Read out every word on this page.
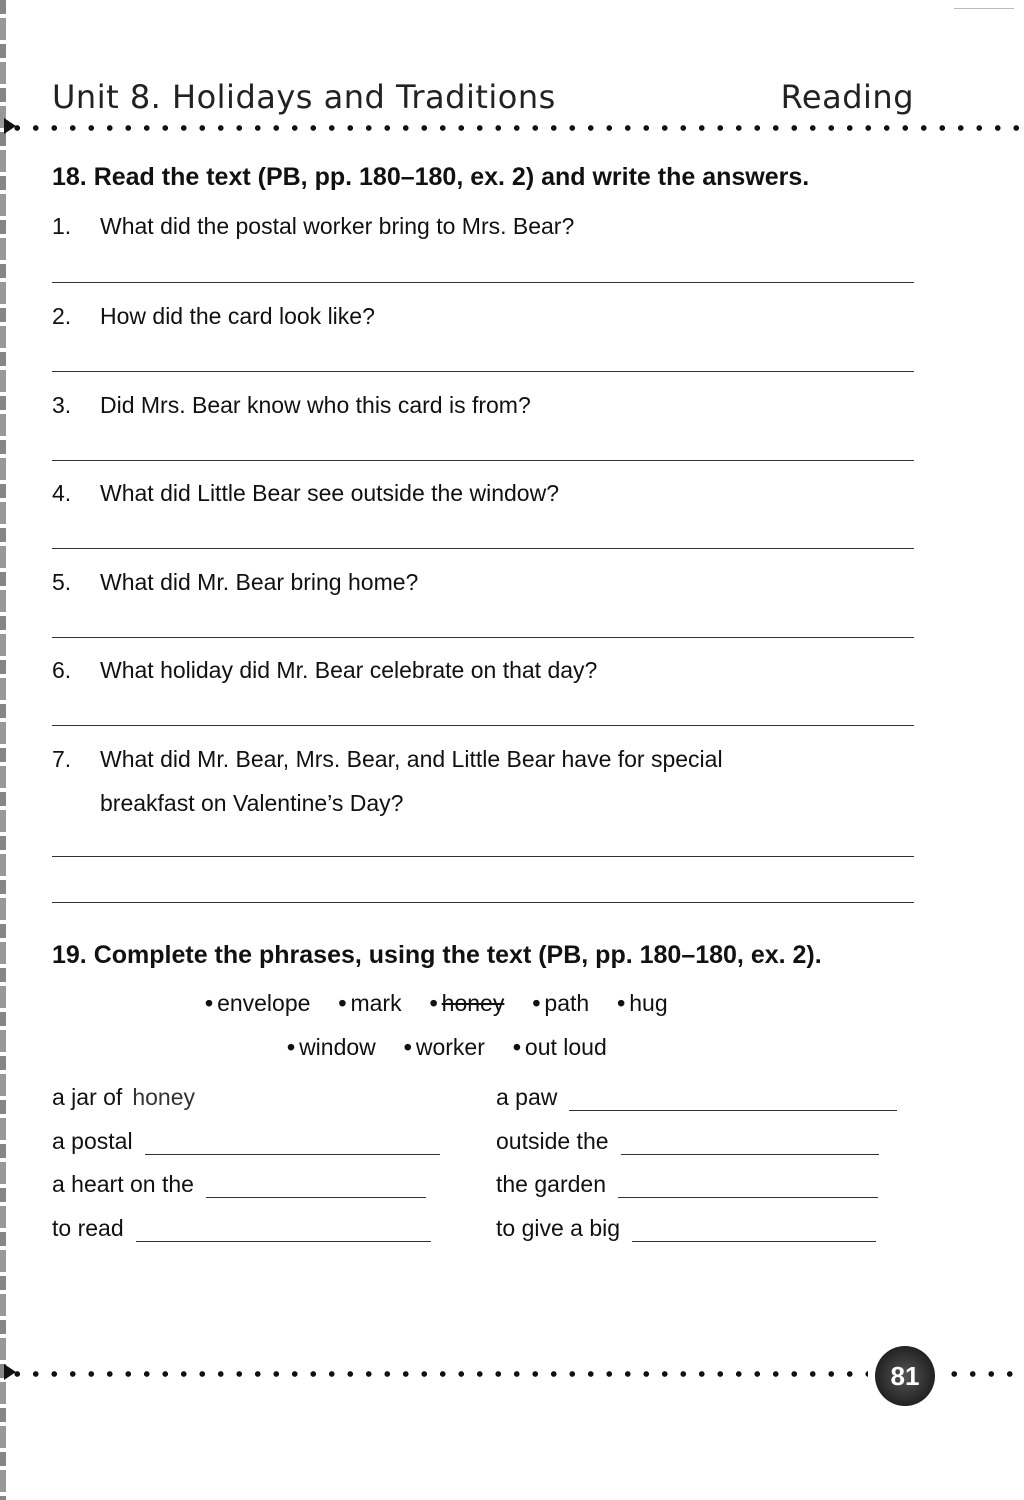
Unit 8. Holidays and Traditions	Reading
18. Read the text (PB, pp. 180–180, ex. 2) and write the answers.
1. What did the postal worker bring to Mrs. Bear?
2. How did the card look like?
3. Did Mrs. Bear know who this card is from?
4. What did Little Bear see outside the window?
5. What did Mr. Bear bring home?
6. What holiday did Mr. Bear celebrate on that day?
7. What did Mr. Bear, Mrs. Bear, and Little Bear have for special
breakfast on Valentine’s Day?
19. Complete the phrases, using the text (PB, pp. 180–180, ex. 2).
• envelope • mark • honey • path • hug
• window • worker • out loud
a jar of honey
a postal
a heart on the
to read
a paw
outside the
the garden
to give a big
81
